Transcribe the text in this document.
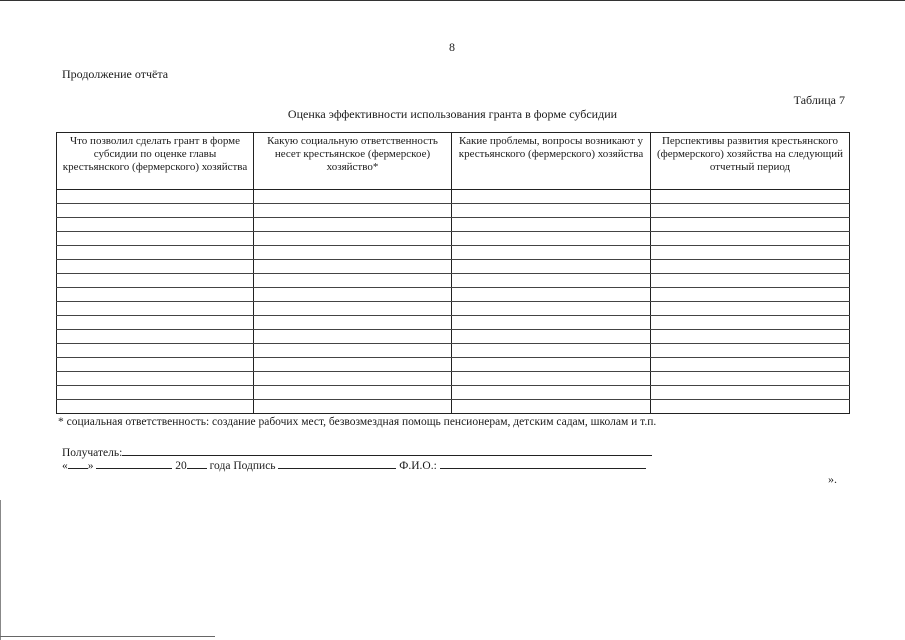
8
Продолжение отчёта
Таблица 7
Оценка эффективности использования гранта в форме субсидии
Что позволил сделать грант в форме субсидии по оценке главы крестьянского (фермерского) хозяйства	Какую социальную ответственность несет крестьянское (фермерское) хозяйство*	Какие проблемы, вопросы возникают у крестьянского (фермерского) хозяйства	Перспективы развития крестьянского (фермерского) хозяйства на следующий отчетный период

* социальная ответственность: создание рабочих мест, безвозмездная помощь пенсионерам, детским садам, школам и т.п.
Получатель:
« »	20 года Подпись	Ф.И.О.:
».
